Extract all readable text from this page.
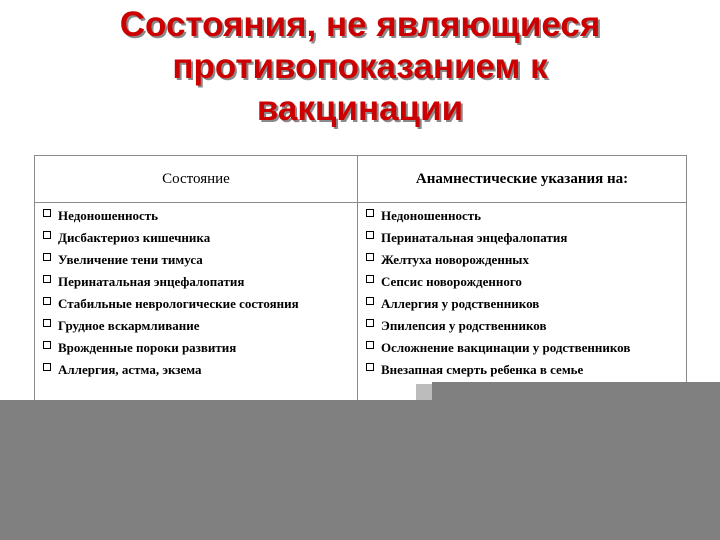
Состояния, не являющиеся
противопоказанием к
вакцинации
Состояние	Анамнестические указания на:
Недоношенность
Дисбактериоз кишечника
Увеличение тени тимуса
Перинатальная энцефалопатия
Стабильные неврологические состояния
Грудное вскармливание
Врожденные пороки развития
Аллергия, астма, экзема
Недоношенность
Перинатальная энцефалопатия
Желтуха новорожденных
Сепсис новорожденного
Аллергия у родственников
Эпилепсия у родственников
Осложнение вакцинации у родственников
Внезапная смерть ребенка в семье
